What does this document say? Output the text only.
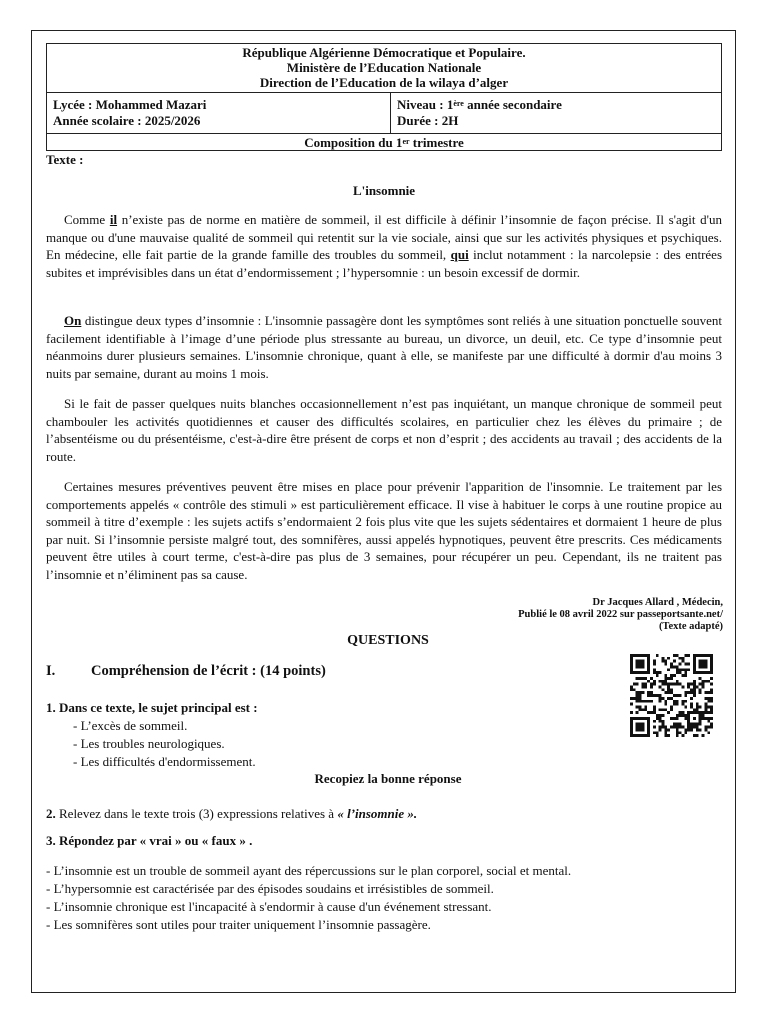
République Algérienne Démocratique et Populaire.
Ministère de l’Education Nationale
Direction de l’Education de la wilaya d’alger
Lycée : Mohammed Mazari
Année scolaire : 2025/2026
Niveau : 1ère année secondaire
Durée : 2H
Composition du 1er trimestre
Texte :
L'insomnie
Comme il n’existe pas de norme en matière de sommeil, il est difficile à définir l’insomnie de façon précise. Il s'agit d'un manque ou d'une mauvaise qualité de sommeil qui retentit sur la vie sociale, ainsi que sur les activités physiques et psychiques. En médecine, elle fait partie de la grande famille des troubles du sommeil, qui inclut notamment : la narcolepsie : des entrées subites et imprévisibles dans un état d’endormissement ; l’hypersomnie : un besoin excessif de dormir.
On distingue deux types d’insomnie : L'insomnie passagère dont les symptômes sont reliés à une situation ponctuelle souvent facilement identifiable à l’image d’une période plus stressante au bureau, un divorce, un deuil, etc. Ce type d’insomnie peut néanmoins durer plusieurs semaines. L'insomnie chronique, quant à elle, se manifeste par une difficulté à dormir d'au moins 3 nuits par semaine, durant au moins 1 mois.
Si le fait de passer quelques nuits blanches occasionnellement n’est pas inquiétant, un manque chronique de sommeil peut chambouler les activités quotidiennes et causer des difficultés scolaires, en particulier chez les élèves du primaire ; de l’absentéisme ou du présentéisme, c'est-à-dire être présent de corps et non d’esprit ; des accidents au travail ; des accidents de la route.
Certaines mesures préventives peuvent être mises en place pour prévenir l'apparition de l'insomnie. Le traitement par les comportements appelés « contrôle des stimuli » est particulièrement efficace. Il vise à habituer le corps à une routine propice au sommeil à titre d’exemple : les sujets actifs s’endormaient 2 fois plus vite que les sujets sédentaires et dormaient 1 heure de plus par nuit. Si l’insomnie persiste malgré tout, des somnifères, aussi appelés hypnotiques, peuvent être prescrits. Ces médicaments peuvent être utiles à court terme, c'est-à-dire pas plus de 3 semaines, pour récupérer un peu. Cependant, ils ne traitent pas l’insomnie et n’éliminent pas sa cause.
Dr Jacques Allard , Médecin,
Publié le 08 avril 2022 sur passeportsante.net/
(Texte adapté)
QUESTIONS
I. Compréhension de l’écrit : (14 points)
1. Dans ce texte, le sujet principal est :
- L’excès de sommeil.
- Les troubles neurologiques.
- Les difficultés d'endormissement.
Recopiez la bonne réponse
2. Relevez dans le texte trois (3) expressions relatives à « l’insomnie ».
3. Répondez par « vrai » ou « faux » .
- L’insomnie est un trouble de sommeil ayant des répercussions sur le plan corporel, social et mental.
- L’hypersomnie est caractérisée par des épisodes soudains et irrésistibles de sommeil.
- L’insomnie chronique est l'incapacité à s'endormir à cause d'un événement stressant.
- Les somnifères sont utiles pour traiter uniquement l’insomnie passagère.
